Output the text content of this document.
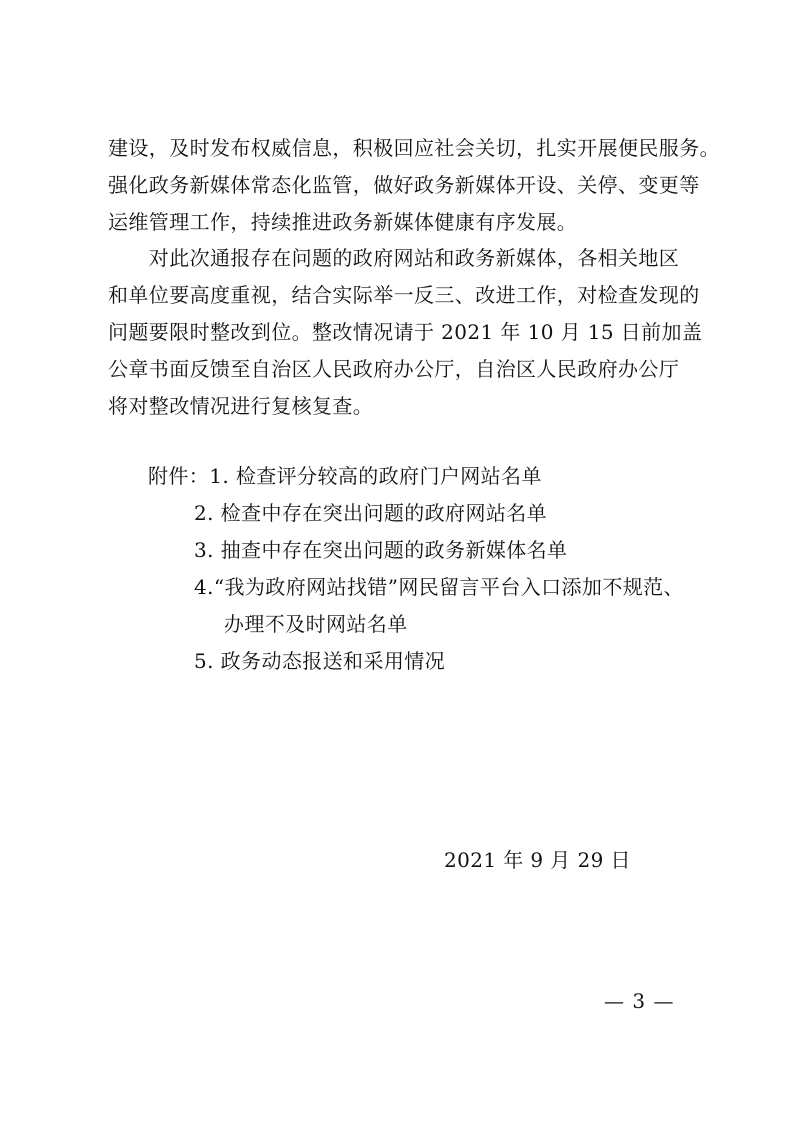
建设，及时发布权威信息，积极回应社会关切，扎实开展便民服务。
强化政务新媒体常态化监管，做好政务新媒体开设、关停、变更等
运维管理工作，持续推进政务新媒体健康有序发展。
　　对此次通报存在问题的政府网站和政务新媒体，各相关地区
和单位要高度重视，结合实际举一反三、改进工作，对检查发现的
问题要限时整改到位。整改情况请于 2021 年 10 月 15 日前加盖
公章书面反馈至自治区人民政府办公厅，自治区人民政府办公厅
将对整改情况进行复核复查。
附件：1. 检查评分较高的政府门户网站名单
2. 检查中存在突出问题的政府网站名单
3. 抽查中存在突出问题的政务新媒体名单
4.“我为政府网站找错”网民留言平台入口添加不规范、
办理不及时网站名单
5. 政务动态报送和采用情况
2021 年 9 月 29 日
— 3 —
